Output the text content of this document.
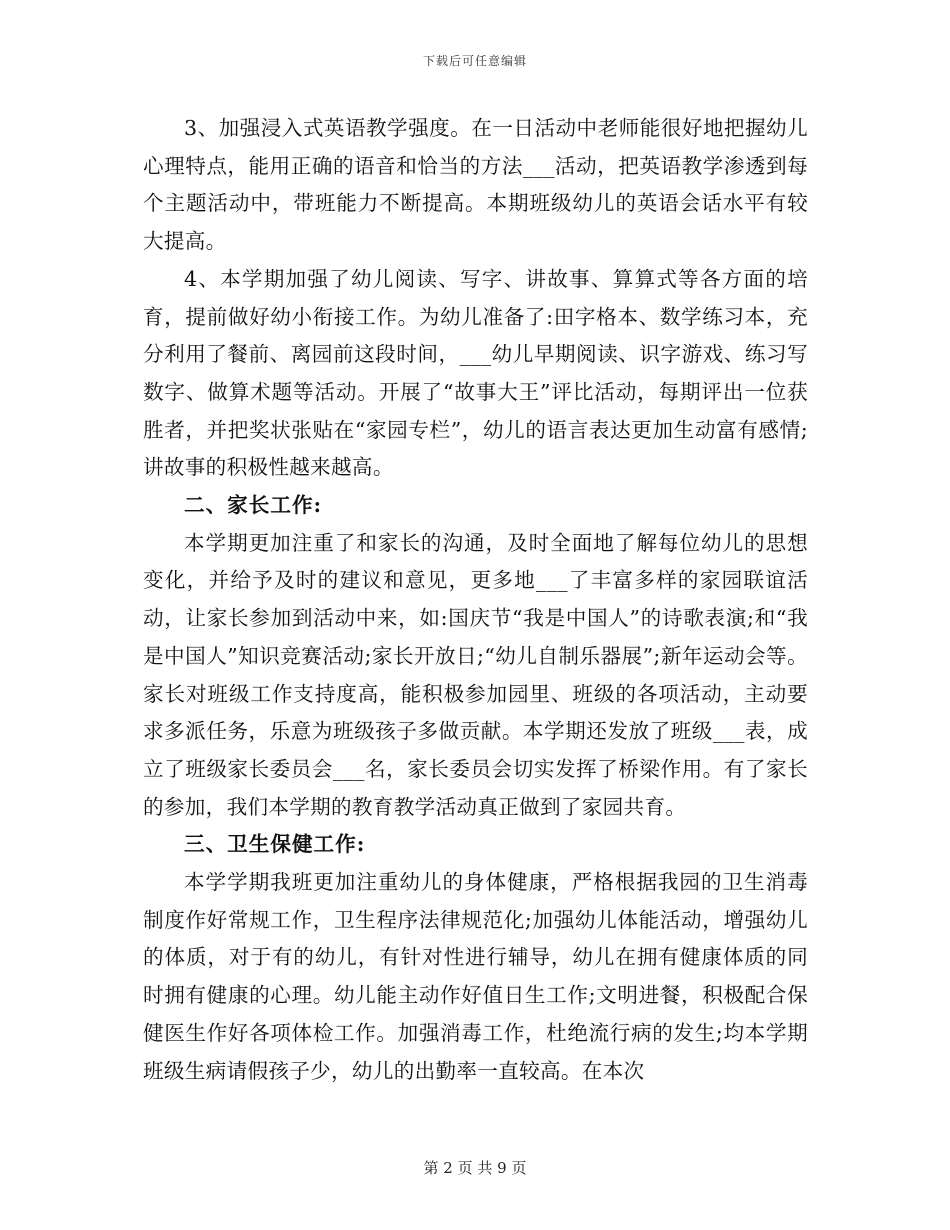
下载后可任意编辑

3、加强浸入式英语教学强度。在一日活动中老师能很好地把握幼儿心理特点，能用正确的语音和恰当的方法___活动，把英语教学渗透到每个主题活动中，带班能力不断提高。本期班级幼儿的英语会话水平有较大提高。

4、本学期加强了幼儿阅读、写字、讲故事、算算式等各方面的培育，提前做好幼小衔接工作。为幼儿准备了:田字格本、数学练习本，充分利用了餐前、离园前这段时间，___幼儿早期阅读、识字游戏、练习写数字、做算术题等活动。开展了“故事大王”评比活动，每期评出一位获胜者，并把奖状张贴在“家园专栏”，幼儿的语言表达更加生动富有感情;讲故事的积极性越来越高。

二、家长工作:

本学期更加注重了和家长的沟通，及时全面地了解每位幼儿的思想变化，并给予及时的建议和意见，更多地___了丰富多样的家园联谊活动，让家长参加到活动中来，如:国庆节“我是中国人”的诗歌表演;和“我是中国人”知识竞赛活动;家长开放日;“幼儿自制乐器展”;新年运动会等。家长对班级工作支持度高，能积极参加园里、班级的各项活动，主动要求多派任务，乐意为班级孩子多做贡献。本学期还发放了班级___表，成立了班级家长委员会___名，家长委员会切实发挥了桥梁作用。有了家长的参加，我们本学期的教育教学活动真正做到了家园共育。

三、卫生保健工作:

本学学期我班更加注重幼儿的身体健康，严格根据我园的卫生消毒制度作好常规工作，卫生程序法律规范化;加强幼儿体能活动，增强幼儿的体质，对于有的幼儿，有针对性进行辅导，幼儿在拥有健康体质的同时拥有健康的心理。幼儿能主动作好值日生工作;文明进餐，积极配合保健医生作好各项体检工作。加强消毒工作，杜绝流行病的发生;均本学期班级生病请假孩子少，幼儿的出勤率一直较高。在本次

第 2 页 共 9 页
